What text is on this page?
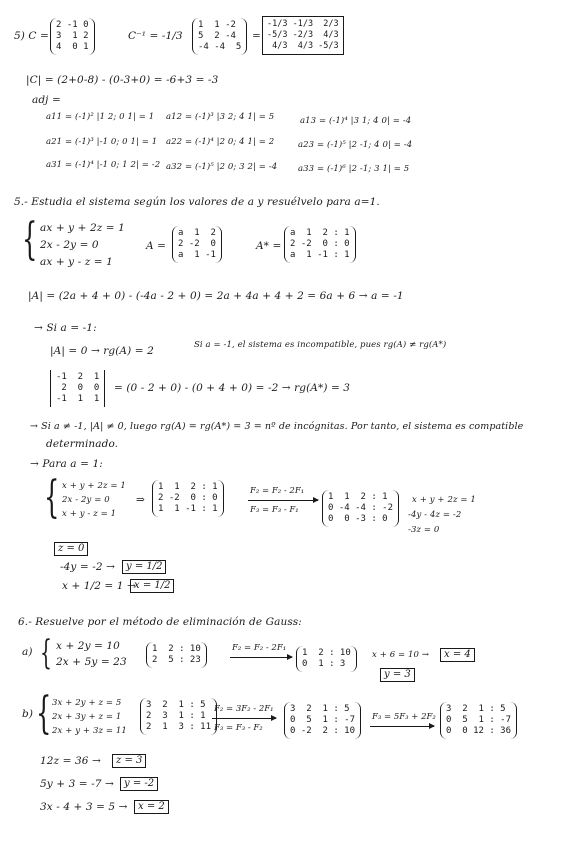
5) C =
2 -1 0
3  1 2
4  0 1
C⁻¹ = -1/3
1  1 -2
5  2 -4
-4 -4  5
=
-1/3 -1/3  2/3
-5/3 -2/3  4/3
4/3  4/3 -5/3
|C| = (2+0-8) - (0-3+0) = -6+3 = -3
adj =
a11 = (-1)² |1 2; 0 1| = 1 a12 = (-1)³ |3 2; 4 1| = 5	a13 = (-1)⁴ |3 1; 4 0| = -4
a21 = (-1)³ |-1 0; 0 1| = 1 a22 = (-1)⁴ |2 0; 4 1| = 2	a23 = (-1)⁵ |2 -1; 4 0| = -4
a31 = (-1)⁴ |-1 0; 1 2| = -2 a32 = (-1)⁵ |2 0; 3 2| = -4 a33 = (-1)⁶ |2 -1; 3 1| = 5
5.- Estudia el sistema según los valores de a y resuélvelo para a=1.
{ ax + y + 2z = 1
2x - 2y = 0
ax + y - z = 1
A =
a  1  2
2 -2  0
a  1 -1
A* =
a  1  2 : 1
2 -2  0 : 0
a  1 -1 : 1
|A| = (2a + 4 + 0) - (-4a - 2 + 0) = 2a + 4a + 4 + 2 = 6a + 6 → a = -1
→ Si a = -1:
|A| = 0 → rg(A) = 2	Si a = -1, el sistema es incompatible, pues rg(A) ≠ rg(A*)
-1  2  1
2  0  0
-1  1  1
= (0 - 2 + 0) - (0 + 4 + 0) = -2 → rg(A*) = 3
→ Si a ≠ -1, |A| ≠ 0, luego rg(A) = rg(A*) = 3 = nº de incógnitas. Por tanto, el sistema es compatible
determinado.
→ Para a = 1:
{ x + y + 2z = 1
2x - 2y = 0
x + y - z = 1
⇒
1  1  2 : 1
2 -2  0 : 0
1  1 -1 : 1
F₂ = F₂ - 2F₁
F₃ = F₃ - F₁
1  1  2 : 1
0 -4 -4 : -2
0  0 -3 : 0
x + y + 2z = 1
-4y - 4z = -2
-3z = 0
z = 0
-4y = -2 →	y = 1/2
x + 1/2 = 1 →
x = 1/2
6.- Resuelve por el método de eliminación de Gauss:
a) { x + 2y = 10
2x + 5y = 23
1  2 : 10
2  5 : 23
F₂ = F₂ - 2F₁	1  2 : 10
0  1 : 3
x + 6 = 10 →	x = 4
y = 3
b) { 3x + 2y + z = 5
2x + 3y + z = 1
2x + y + 3z = 11
3  2  1 : 5
2  3  1 : 1
2  1  3 : 11
F₂ = 3F₂ - 2F₁
F₃ = F₃ - F₂
3  2  1 : 5
0  5  1 : -7
0 -2  2 : 10
F₃ = 5F₃ + 2F₂
3  2  1 : 5
0  5  1 : -7
0  0 12 : 36
12z = 36 →	z = 3
5y + 3 = -7 →	y = -2
3x - 4 + 3 = 5 →	x = 2
